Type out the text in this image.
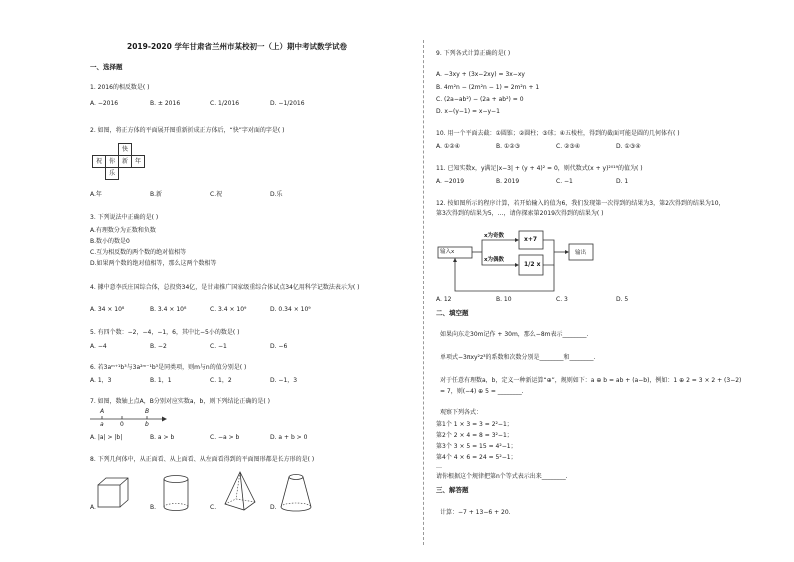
2019-2020 学年甘肃省兰州市某校初一（上）期中考试数学试卷
一、选择题
1. 2016的相反数是( )
A. −2016	B. ± 2016	C. 1/2016	D. −1/2016
2. 如图，将正方体的平面展开图重新折成正方体后，“快”字对面的字是( )
快
祝	你	新	年
乐
A.年	B.新	C.祝	D.乐
3. 下列说法中正确的是( )
A.有理数分为正数和负数
B.数小的数是0
C.互为相反数的两个数的绝对值相等
D.如果两个数的绝对值相等，那么这两个数相等
4. 據中意李氏庄国综合体，总投资34亿，是甘肃推广国家级重综合体试点34亿用科学记数法表示为( )
A. 34 × 10⁸	B. 3.4 × 10⁸	C. 3.4 × 10⁹	D. 0.34 × 10⁹
5. 有四个数：−2，−4，−1，6，其中比−5小的数是( )
A. −4	B. −2	C. −1	D. −6
6. 若3aᵐ⁺¹b³与3a²ᵐ⁻¹b³是同类项，则m与n的值分别是( )
A. 1，3	B. 1，1	C. 1，2	D. −1，3
7. 如图，数轴上点A，B分别对应实数a，b，则下列结论正确的是( )
A
a	0
B
b
A. |a| > |b|	B. a > b	C. −a > b	D. a + b > 0
8. 下列几何体中，从正面看、从上面看、从左面看得到的平面图形都是长方形的是( )
A.	B.	C.	D.
9. 下列各式计算正确的是( )
A. −3xy + (3x−2xy) = 3x−xy
B. 4m²n − (2m²n − 1) = 2m²n + 1
C. (2a−ab²) − (2a + ab²) = 0
D. x−(y−1) = x−y−1
10. 用一个平面去截：①圆锥；②圆柱；③球；④五棱柱，得到的截面可能是圆的几何体有( )
A. ①②④	B. ①②③	C. ②③④	D. ①③④
11. 已知实数x，y满足|x−3| + (y + 4)² = 0，则代数式(x + y)²⁰¹⁹的值为( )
A. −2019	B. 2019	C. −1	D. 1
12. 按如图所示的程序计算，若开始输入的值为6，我们发现第一次得到的结果为3，第2次得到的结果为10，
第3次得到的结果为5，…，请你探索第2019次得到的结果为( )
输入x
x为奇数
x为偶数
x+7
1/2 x
输出
A. 12	B. 10	C. 3	D. 5
二、填空题
如果向东走30m记作 + 30m，那么−8m表示________.
单项式−3πxy²z³的系数和次数分别是________和________.
对于任意有理数a，b，定义一种新运算“⊕”，规则如下：a ⊕ b = ab + (a−b)，例如：1 ⊕ 2 = 3 × 2 + (3−2)
= 7，则(−4) ⊕ 5 = ________.
观察下列各式：
第1个 1 × 3 = 3 = 2²−1；
第2个 2 × 4 = 8 = 3²−1；
第3个 3 × 5 = 15 = 4²−1；
第4个 4 × 6 = 24 = 5²−1；
…
请你根据这个规律把第n个等式表示出来________.
三、解答题
计算：−7 + 13−6 + 20.
